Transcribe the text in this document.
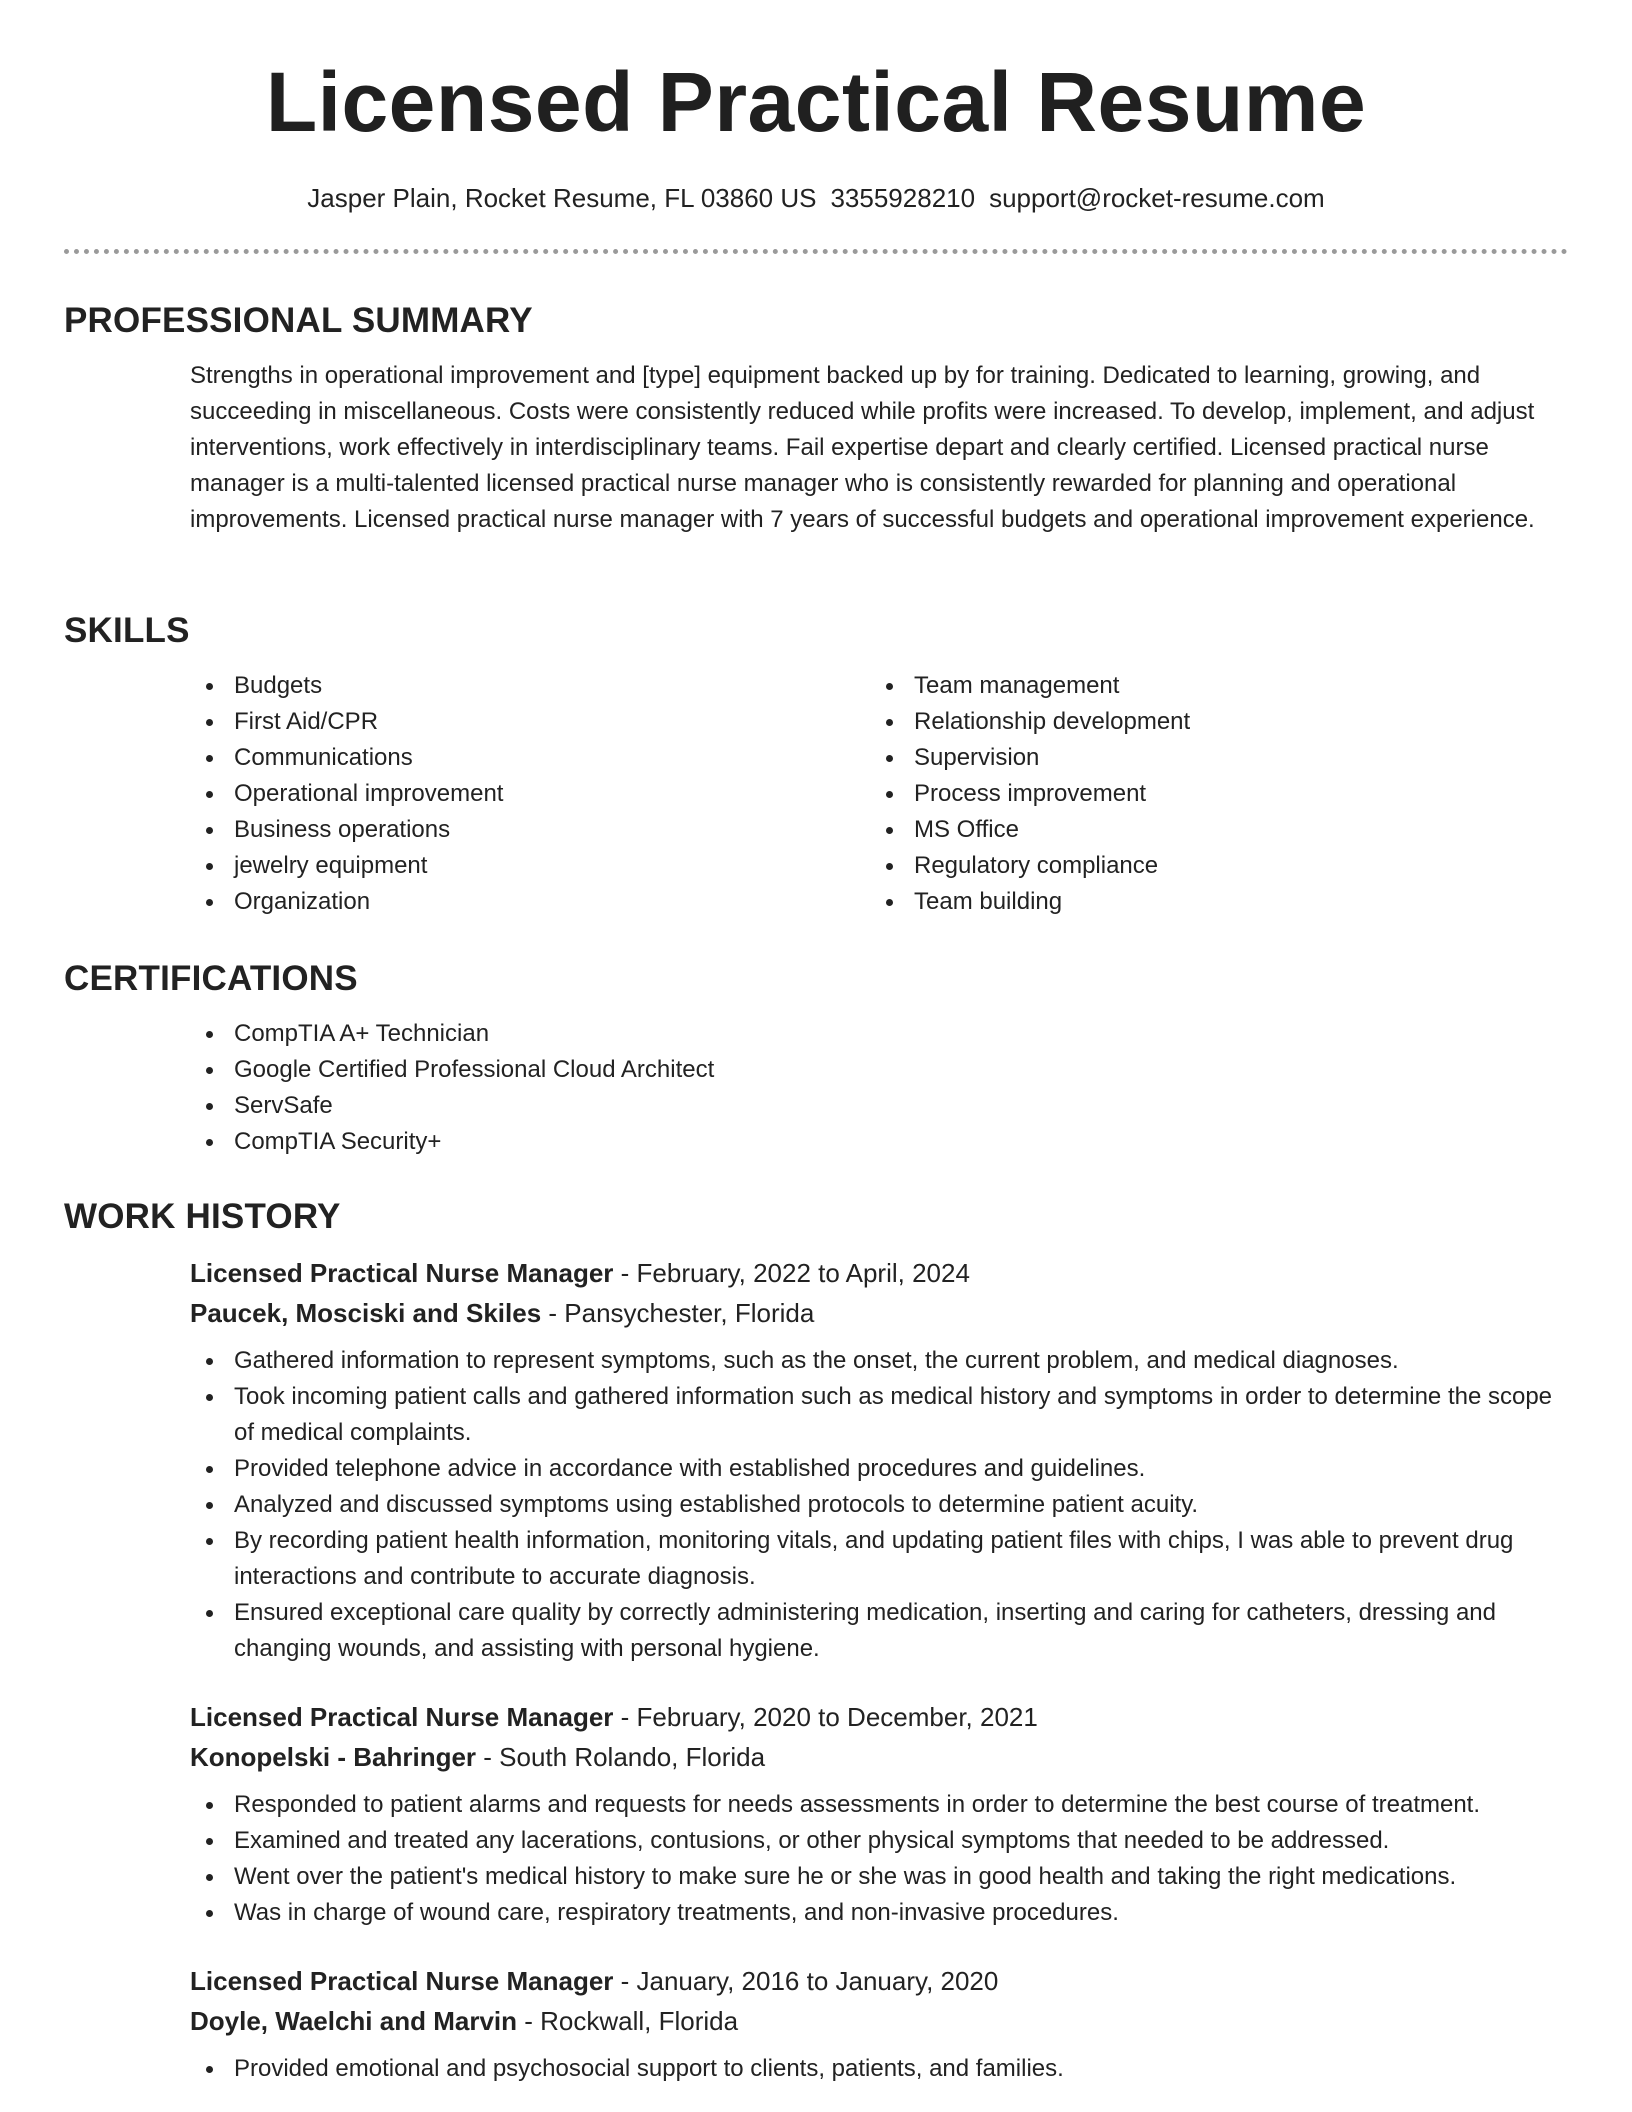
Licensed Practical Resume
Jasper Plain, Rocket Resume, FL 03860 US 3355928210 support@rocket-resume.com
PROFESSIONAL SUMMARY

Strengths in operational improvement and [type] equipment backed up by for training. Dedicated to learning, growing, and succeeding in miscellaneous. Costs were consistently reduced while profits were increased. To develop, implement, and adjust interventions, work effectively in interdisciplinary teams. Fail expertise depart and clearly certified. Licensed practical nurse manager is a multi-talented licensed practical nurse manager who is consistently rewarded for planning and operational improvements. Licensed practical nurse manager with 7 years of successful budgets and operational improvement experience.

SKILLS
Budgets
First Aid/CPR
Communications
Operational improvement
Business operations
jewelry equipment
Organization
Team management
Relationship development
Supervision
Process improvement
MS Office
Regulatory compliance
Team building
CERTIFICATIONS
CompTIA A+ Technician
Google Certified Professional Cloud Architect
ServSafe
CompTIA Security+
WORK HISTORY
Licensed Practical Nurse Manager - February, 2022 to April, 2024
Paucek, Mosciski and Skiles - Pansychester, Florida
Gathered information to represent symptoms, such as the onset, the current problem, and medical diagnoses.
Took incoming patient calls and gathered information such as medical history and symptoms in order to determine the scope of medical complaints.
Provided telephone advice in accordance with established procedures and guidelines.
Analyzed and discussed symptoms using established protocols to determine patient acuity.
By recording patient health information, monitoring vitals, and updating patient files with chips, I was able to prevent drug interactions and contribute to accurate diagnosis.
Ensured exceptional care quality by correctly administering medication, inserting and caring for catheters, dressing and changing wounds, and assisting with personal hygiene.
Licensed Practical Nurse Manager - February, 2020 to December, 2021
Konopelski - Bahringer - South Rolando, Florida
Responded to patient alarms and requests for needs assessments in order to determine the best course of treatment.
Examined and treated any lacerations, contusions, or other physical symptoms that needed to be addressed.
Went over the patient's medical history to make sure he or she was in good health and taking the right medications.
Was in charge of wound care, respiratory treatments, and non-invasive procedures.
Licensed Practical Nurse Manager - January, 2016 to January, 2020
Doyle, Waelchi and Marvin - Rockwall, Florida
Provided emotional and psychosocial support to clients, patients, and families.
